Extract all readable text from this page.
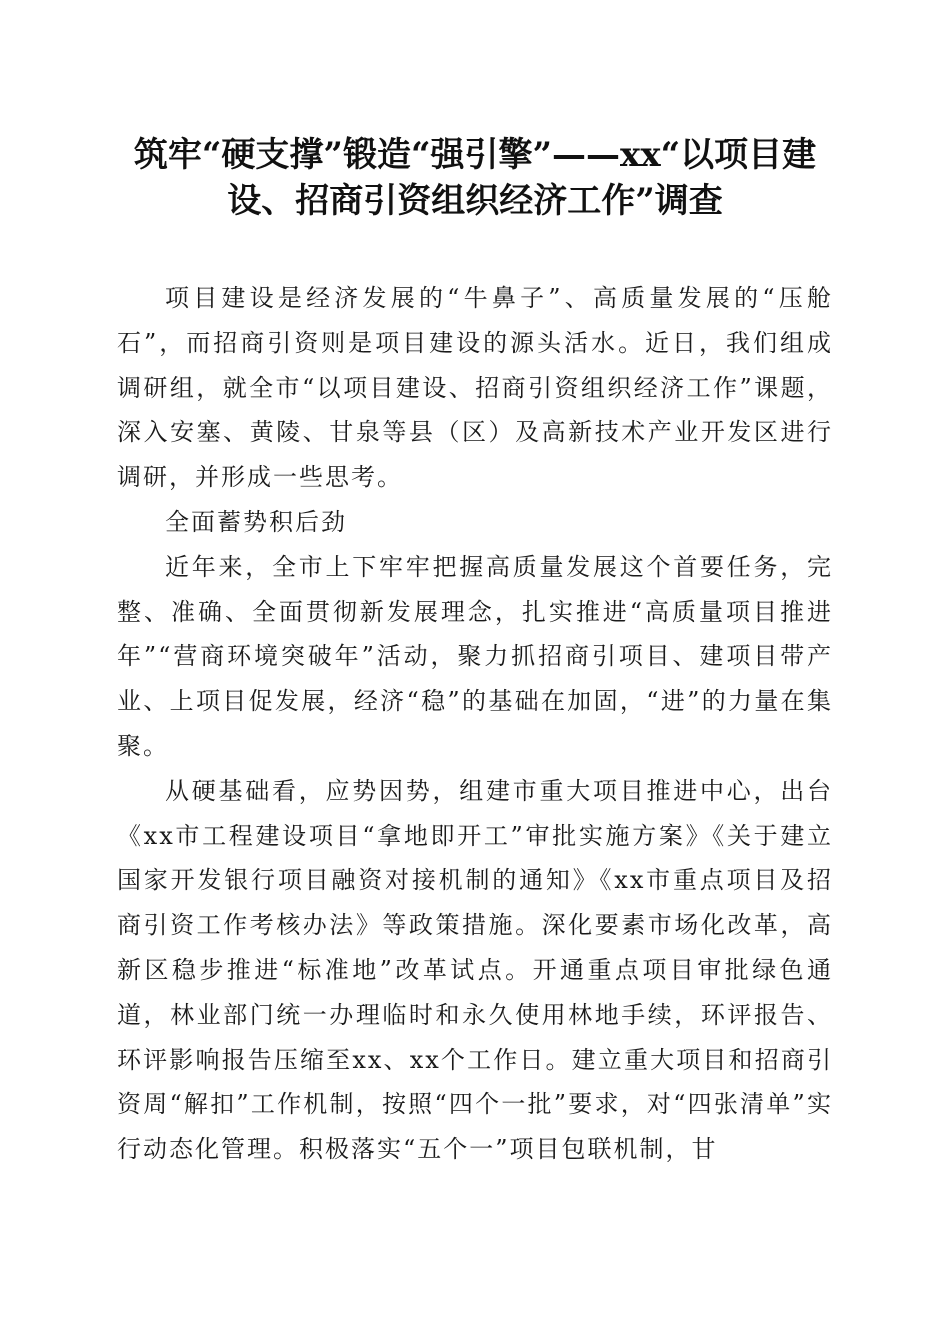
筑牢“硬支撑”锻造“强引擎”——xx“以项目建设、招商引资组织经济工作”调查

项目建设是经济发展的“牛鼻子”、高质量发展的“压舱石”，而招商引资则是项目建设的源头活水。近日，我们组成调研组，就全市“以项目建设、招商引资组织经济工作”课题，深入安塞、黄陵、甘泉等县（区）及高新技术产业开发区进行调研，并形成一些思考。

全面蓄势积后劲

近年来，全市上下牢牢把握高质量发展这个首要任务，完整、准确、全面贯彻新发展理念，扎实推进“高质量项目推进年”“营商环境突破年”活动，聚力抓招商引项目、建项目带产业、上项目促发展，经济“稳”的基础在加固，“进”的力量在集聚。

从硬基础看，应势因势，组建市重大项目推进中心，出台《xx市工程建设项目“拿地即开工”审批实施方案》《关于建立国家开发银行项目融资对接机制的通知》《xx市重点项目及招商引资工作考核办法》等政策措施。深化要素市场化改革，高新区稳步推进“标准地”改革试点。开通重点项目审批绿色通道，林业部门统一办理临时和永久使用林地手续，环评报告、环评影响报告压缩至xx、xx个工作日。建立重大项目和招商引资周“解扣”工作机制，按照“四个一批”要求，对“四张清单”实行动态化管理。积极落实“五个一”项目包联机制，甘
